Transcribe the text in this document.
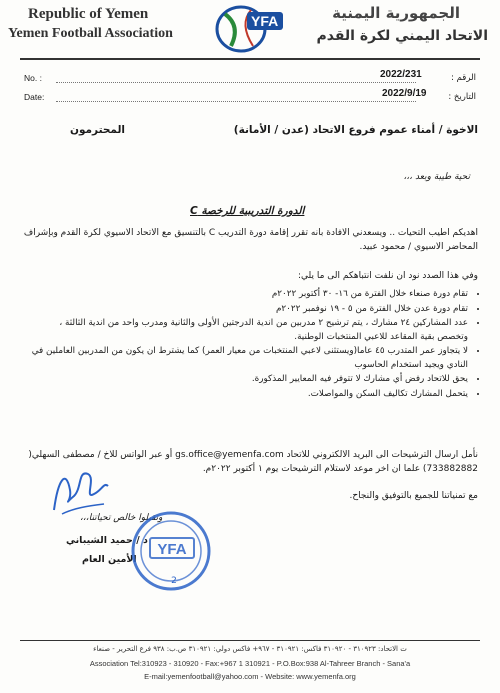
Republic of Yemen
Yemen Football Association
الجمهورية اليمنية
الاتحاد اليمني لكرة القدم
YFA
No. :	2022/231	الرقم :
Date:	2022/9/19	التاريخ :
الاخوة / أمناء عموم فروع الاتحاد (عدن / الأمانة)
المحترمون
تحية طيبة وبعد ،،،
الدورة التدريبية للرخصة C
اهديكم اطيب التحيات .. ويسعدني الافادة بانه تقرر إقامة دورة التدريب C بالتنسيق مع الاتحاد الاسيوي لكرة القدم وبإشراف المحاضر الاسيوي / محمود عبيد.
وفي هذا الصدد نود ان نلفت انتباهكم الى ما يلي:
• تقام دورة صنعاء خلال الفترة من ١٦- ٣٠ أكتوبر ٢٠٢٢م
• تقام دورة عدن خلال الفترة من ٥ - ١٩ نوفمبر ٢٠٢٢م
• عدد المشاركين ٢٤ مشارك ، يتم ترشيح ٢ مدربين من اندية الدرجتين الأولى والثانية ومدرب واحد من اندية الثالثة ، وتخصص بقية المقاعد للاعبي المنتخبات الوطنية.
• لا يتجاوز عمر المتدرب ٤٥ عاما(ويستثنى لاعبي المنتخبات من معيار العمر) كما يشترط ان يكون من المدربين العاملين في النادي ويجيد استخدام الحاسوب
• يحق للاتحاد رفض أي مشارك لا تتوفر فيه المعايير المذكورة.
• يتحمل المشارك تكاليف السكن والمواصلات.
نأمل ارسال الترشيحات الى البريد الالكتروني للاتحاد gs.office@yemenfa.com أو عبر الواتس للاخ / مصطفى السهلي( 733882882) علما ان اخر موعد لاستلام الترشيحات يوم ١ أكتوبر ٢٠٢٢م.
مع تمنياتنا للجميع بالتوفيق والنجاح.
وتقبلوا خالص تحياتنا،،،
د / حميد الشيباني
الأمين العام
YFA
2
ت الاتحاد: ٣١٠٩٢٣ - ٣١٠٩٢٠ فاكس: ٣١٠٩٢١ - ٩٦٧+ فاكس دولي: ٣١٠٩٢١ ص.ب: ٩٣٨ فرع التحرير - صنعاء
Association Tel:310923 - 310920 - Fax:+967 1 310921 - P.O.Box:938 Al-Tahreer Branch - Sana'a
E-mail:yemenfootball@yahoo.com - Website: www.yemenfa.org
